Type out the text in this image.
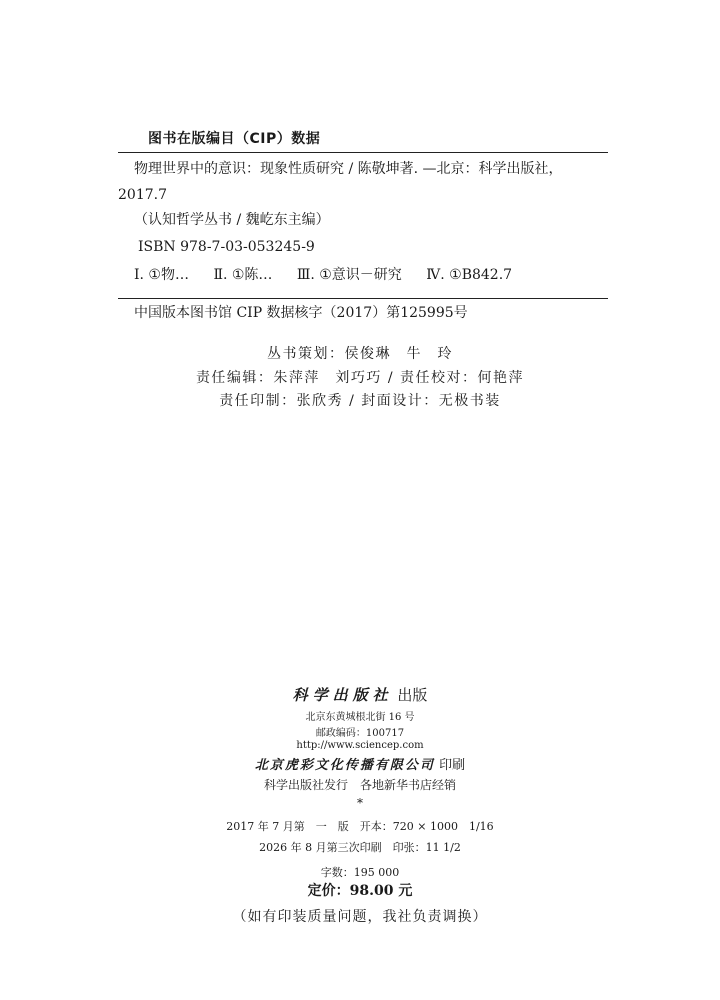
图书在版编目（CIP）数据
物理世界中的意识：现象性质研究 / 陈敬坤著. —北京：科学出版社，
2017.7
（认知哲学丛书 / 魏屹东主编）
ISBN 978-7-03-053245-9
Ⅰ. ①物… Ⅱ. ①陈… Ⅲ. ①意识－研究 Ⅳ. ①B842.7
中国版本图书馆 CIP 数据核字（2017）第125995号
丛书策划：侯俊琳　牛　玲
责任编辑：朱萍萍　刘巧巧 / 责任校对：何艳萍
责任印制：张欣秀 / 封面设计：无极书装
科学出版社 出版
北京东黄城根北街 16 号
邮政编码：100717
http://www.sciencep.com
北京虎彩文化传播有限公司 印刷
科学出版社发行　各地新华书店经销
*
2017 年 7 月第　一　版　开本：720 × 1000　1/16
2026 年 8 月第三次印刷　印张：11 1/2
字数：195 000
定价：98.00 元
（如有印装质量问题，我社负责调换）
